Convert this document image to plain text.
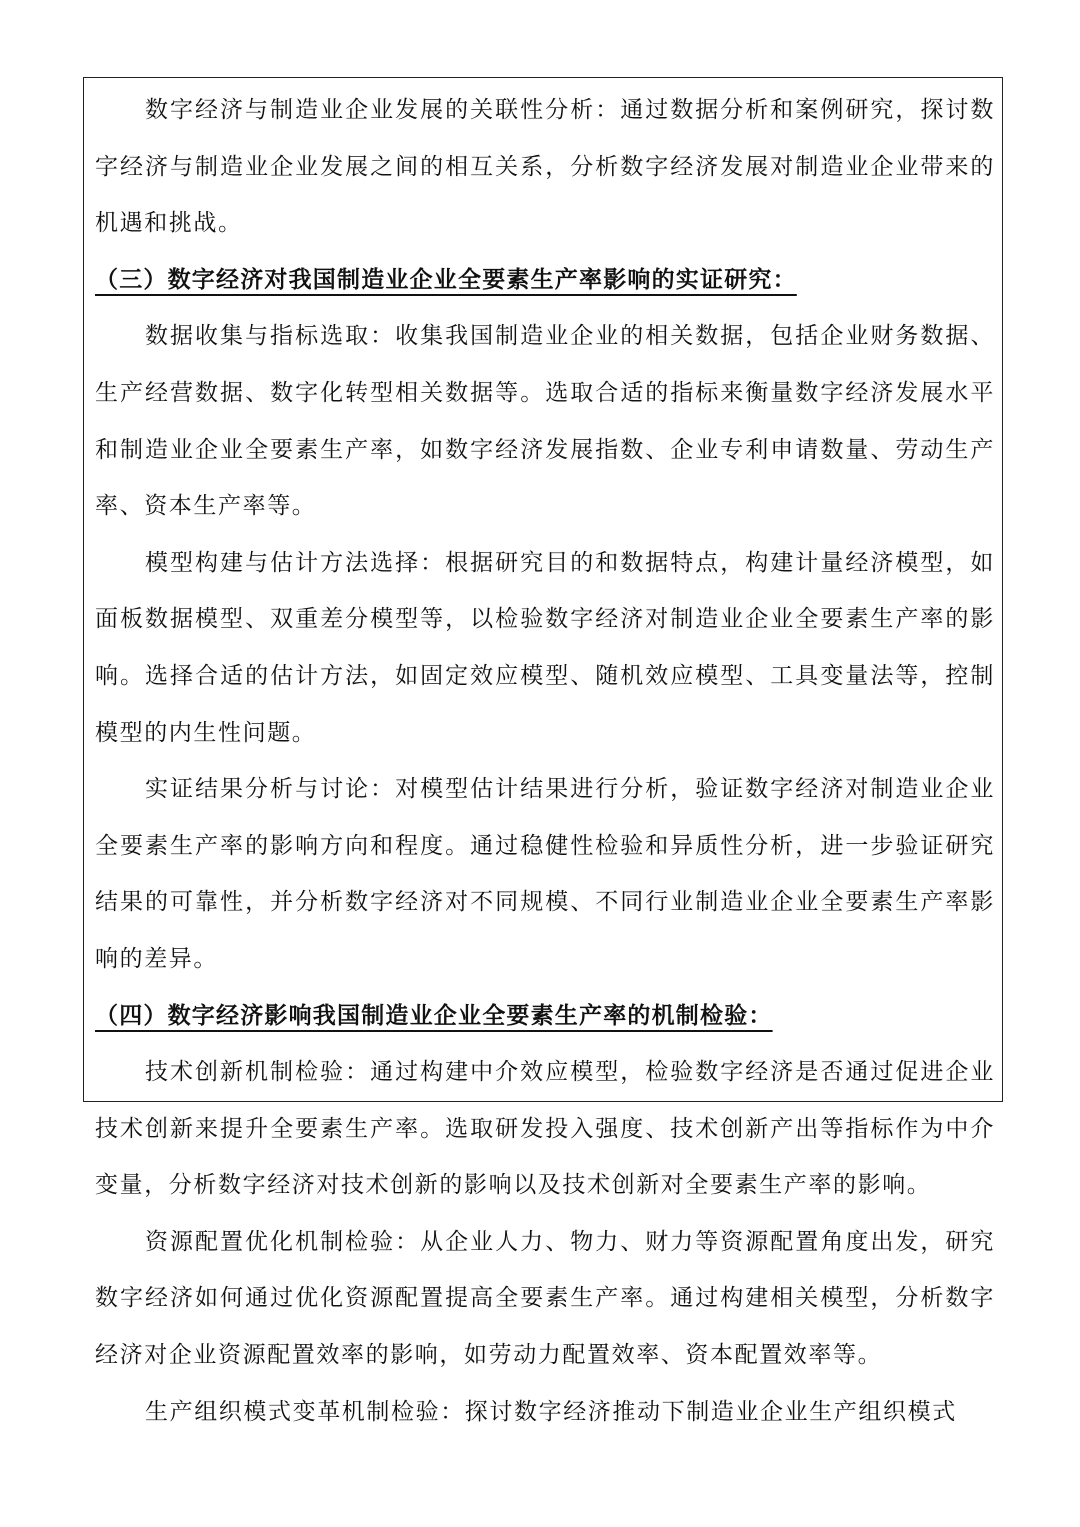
数字经济与制造业企业发展的关联性分析：通过数据分析和案例研究，探讨数字经济与制造业企业发展之间的相互关系，分析数字经济发展对制造业企业带来的机遇和挑战。

（三）数字经济对我国制造业企业全要素生产率影响的实证研究：

数据收集与指标选取：收集我国制造业企业的相关数据，包括企业财务数据、生产经营数据、数字化转型相关数据等。选取合适的指标来衡量数字经济发展水平和制造业企业全要素生产率，如数字经济发展指数、企业专利申请数量、劳动生产率、资本生产率等。

模型构建与估计方法选择：根据研究目的和数据特点，构建计量经济模型，如面板数据模型、双重差分模型等，以检验数字经济对制造业企业全要素生产率的影响。选择合适的估计方法，如固定效应模型、随机效应模型、工具变量法等，控制模型的内生性问题。

实证结果分析与讨论：对模型估计结果进行分析，验证数字经济对制造业企业全要素生产率的影响方向和程度。通过稳健性检验和异质性分析，进一步验证研究结果的可靠性，并分析数字经济对不同规模、不同行业制造业企业全要素生产率影响的差异。

（四）数字经济影响我国制造业企业全要素生产率的机制检验：

技术创新机制检验：通过构建中介效应模型，检验数字经济是否通过促进企业技术创新来提升全要素生产率。选取研发投入强度、技术创新产出等指标作为中介变量，分析数字经济对技术创新的影响以及技术创新对全要素生产率的影响。

资源配置优化机制检验：从企业人力、物力、财力等资源配置角度出发，研究数字经济如何通过优化资源配置提高全要素生产率。通过构建相关模型，分析数字经济对企业资源配置效率的影响，如劳动力配置效率、资本配置效率等。

生产组织模式变革机制检验：探讨数字经济推动下制造业企业生产组织模式
